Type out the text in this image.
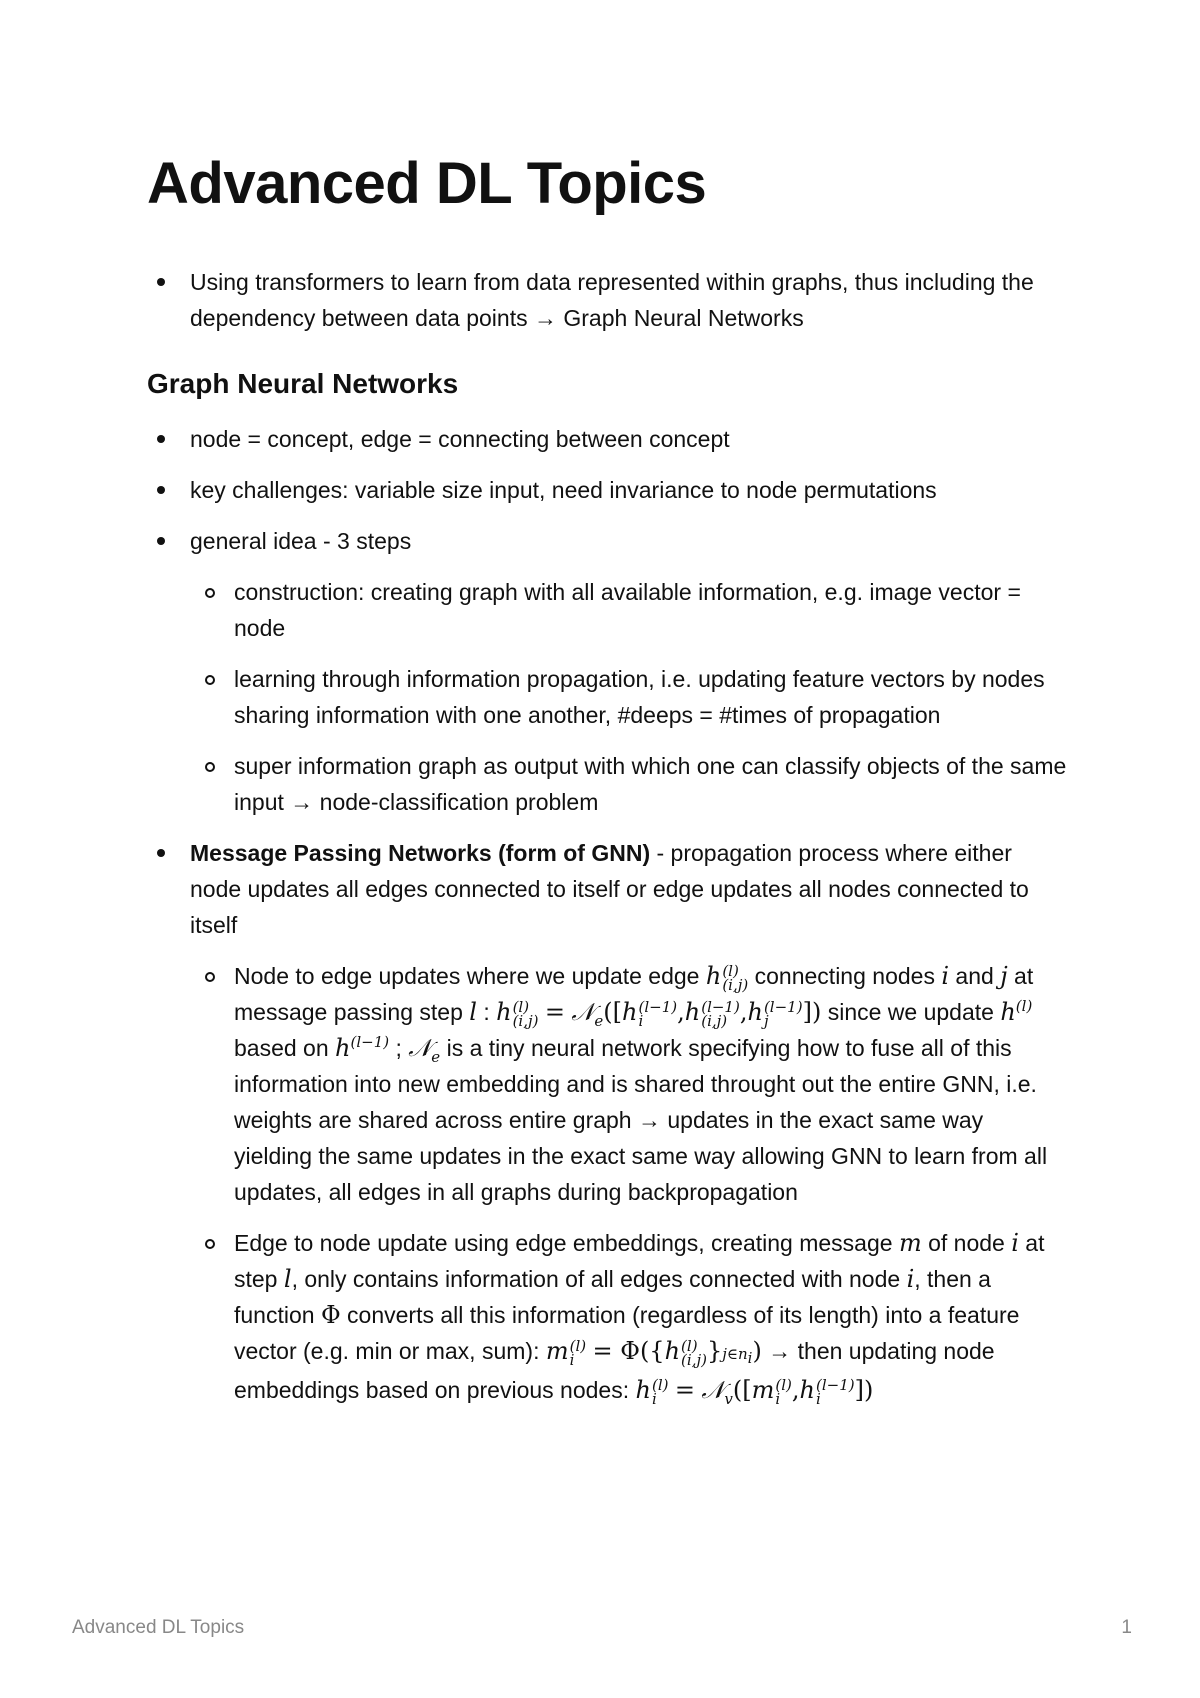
Advanced DL Topics
Using transformers to learn from data represented within graphs, thus including the dependency between data points → Graph Neural Networks
Graph Neural Networks
node = concept, edge = connecting between concept
key challenges: variable size input, need invariance to node permutations
general idea - 3 steps
construction: creating graph with all available information, e.g. image vector = node
learning through information propagation, i.e. updating feature vectors by nodes sharing information with one another, #deeps = #times of propagation
super information graph as output with which one can classify objects of the same input → node-classification problem
Message Passing Networks (form of GNN) - propagation process where either node updates all edges connected to itself or edge updates all nodes connected to itself
Node to edge updates where we update edge h (l)
(i,j) connecting nodes i and j at message passing step l : h (l)
(i,j) = 𝒩$_e$([h (l−1)
i	,h (l−1)
(i,j) ,h (l−1)
j	]) since we update $h^{(l)}$ based on $h^{(l-1)}$ ; 𝒩$_e$ is a tiny neural network specifying how to fuse all of this information into new embedding and is shared throught out the entire GNN, i.e. weights are shared across entire graph → updates in the exact same way yielding the same updates in the exact same way allowing GNN to learn from all updates, all edges in all graphs during backpropagation
Edge to node update using edge embeddings, creating message m of node i at step l, only contains information of all edges connected with node i, then a function Φ converts all this information (regardless of its length) into a feature vector (e.g. min or max, sum): m (l)
i = Φ({h (l)
(i,j) }$j\in n_i$) → then updating node embeddings based on previous nodes: h (l)
i = 𝒩$_v$([m (l)
i ,h (l−1)
i	])
Advanced DL Topics	1
